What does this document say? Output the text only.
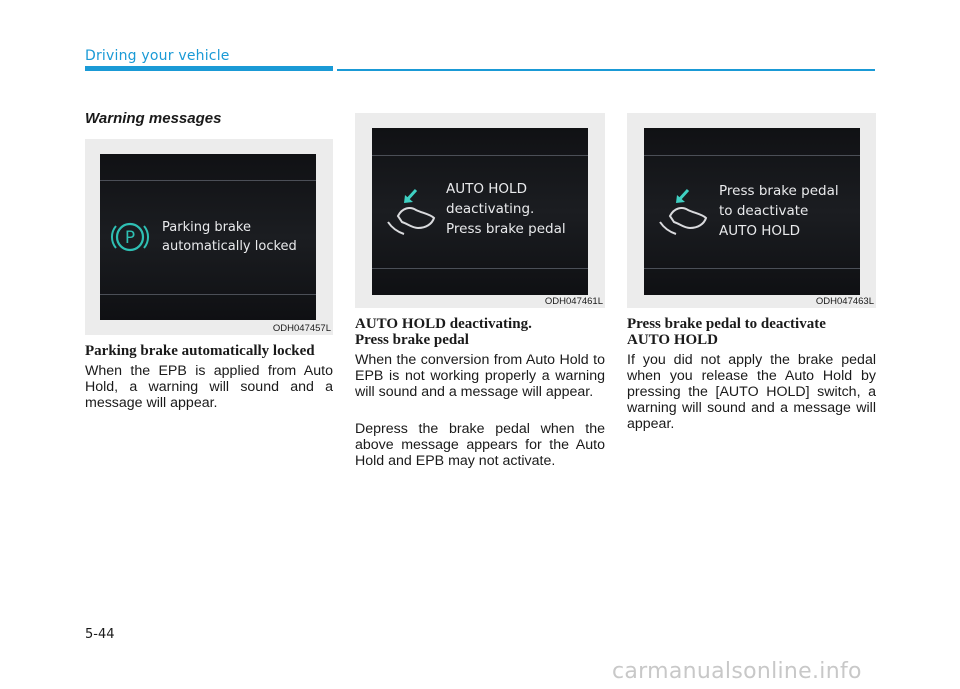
Driving your vehicle
Warning messages
P
Parking brake
automatically locked
ODH047457L
AUTO HOLD
deactivating.
Press brake pedal
ODH047461L
Press brake pedal
to deactivate
AUTO HOLD
ODH047463L
Parking brake automatically locked
When the EPB is applied from Auto Hold, a warning will sound and a message will appear.
AUTO HOLD deactivating.
Press brake pedal
When the conversion from Auto Hold to EPB is not working properly a warning will sound and a message will appear.
Depress the brake pedal when the above message appears for the Auto Hold and EPB may not activate.
Press brake pedal to deactivate
AUTO HOLD
If you did not apply the brake pedal when you release the Auto Hold by pressing the [AUTO HOLD] switch, a warning will sound and a message will appear.
5-44
carmanualsonline.info
